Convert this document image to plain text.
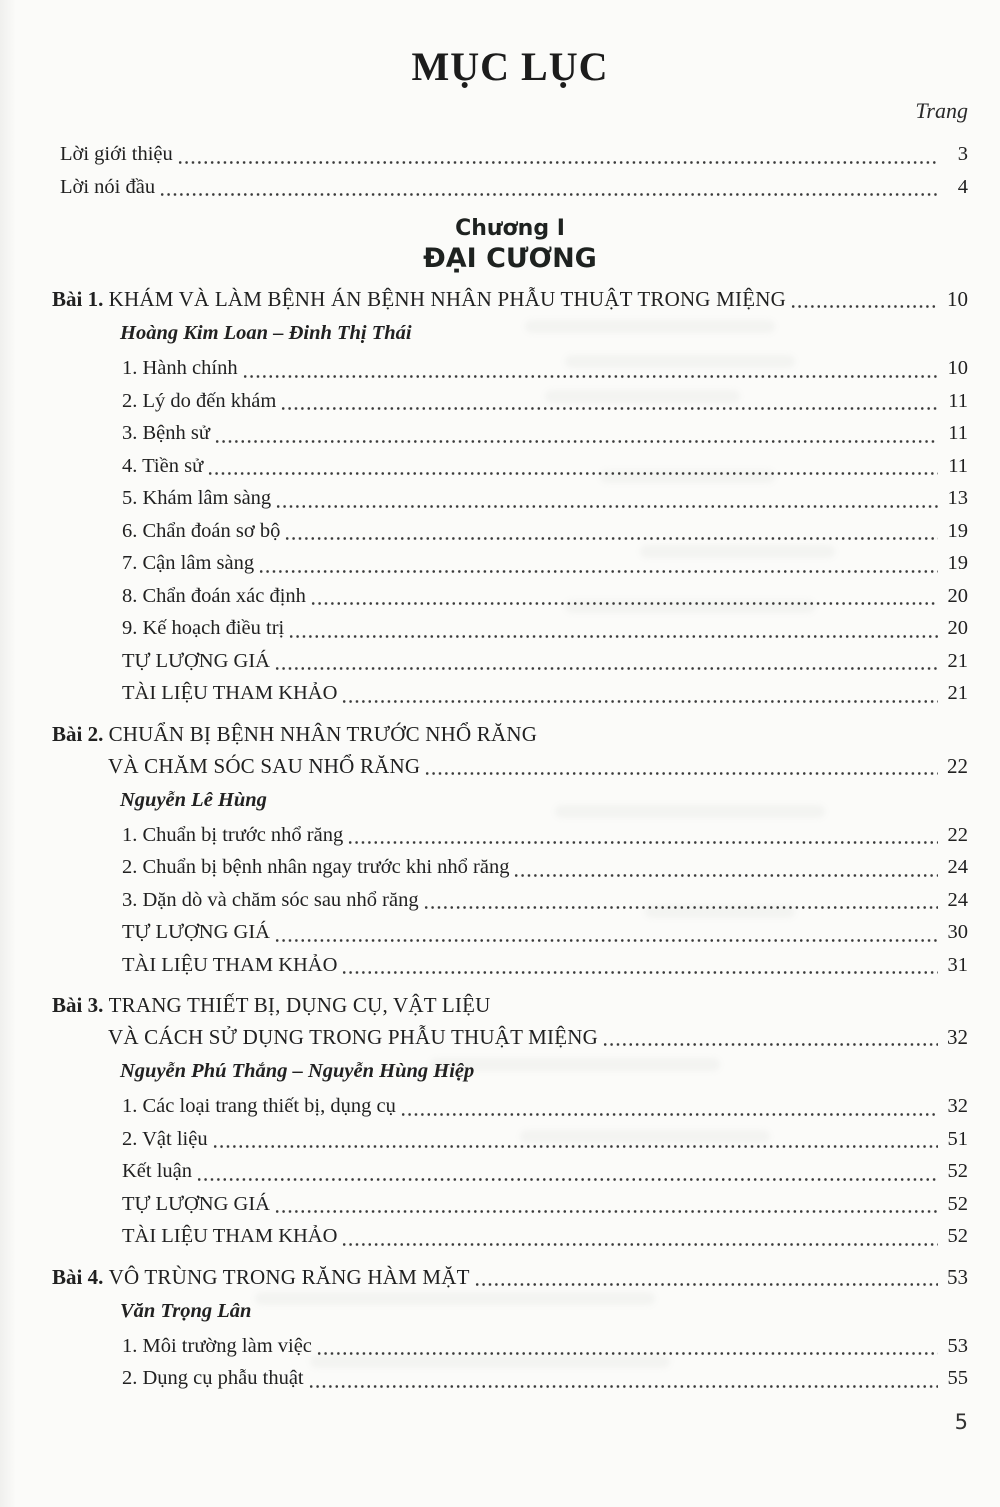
MỤC LỤC
Trang
Lời giới thiệu	3
Lời nói đầu	4
Chương I
ĐẠI CƯƠNG
Bài 1. KHÁM VÀ LÀM BỆNH ÁN BỆNH NHÂN PHẪU THUẬT TRONG MIỆNG	10
Hoàng Kim Loan – Đinh Thị Thái
1. Hành chính	10
2. Lý do đến khám	11
3. Bệnh sử	11
4. Tiền sử	11
5. Khám lâm sàng	13
6. Chẩn đoán sơ bộ	19
7. Cận lâm sàng	19
8. Chẩn đoán xác định	20
9. Kế hoạch điều trị	20
TỰ LƯỢNG GIÁ	21
TÀI LIỆU THAM KHẢO	21
Bài 2. CHUẨN BỊ BỆNH NHÂN TRƯỚC NHỔ RĂNG
VÀ CHĂM SÓC SAU NHỔ RĂNG	22
Nguyễn Lê Hùng
1. Chuẩn bị trước nhổ răng	22
2. Chuẩn bị bệnh nhân ngay trước khi nhổ răng	24
3. Dặn dò và chăm sóc sau nhổ răng	24
TỰ LƯỢNG GIÁ	30
TÀI LIỆU THAM KHẢO	31
Bài 3. TRANG THIẾT BỊ, DỤNG CỤ, VẬT LIỆU
VÀ CÁCH SỬ DỤNG TRONG PHẪU THUẬT MIỆNG	32
Nguyễn Phú Thắng – Nguyễn Hùng Hiệp
1. Các loại trang thiết bị, dụng cụ	32
2. Vật liệu	51
Kết luận	52
TỰ LƯỢNG GIÁ	52
TÀI LIỆU THAM KHẢO	52
Bài 4. VÔ TRÙNG TRONG RĂNG HÀM MẶT	53
Văn Trọng Lân
1. Môi trường làm việc	53
2. Dụng cụ phẫu thuật	55
5
